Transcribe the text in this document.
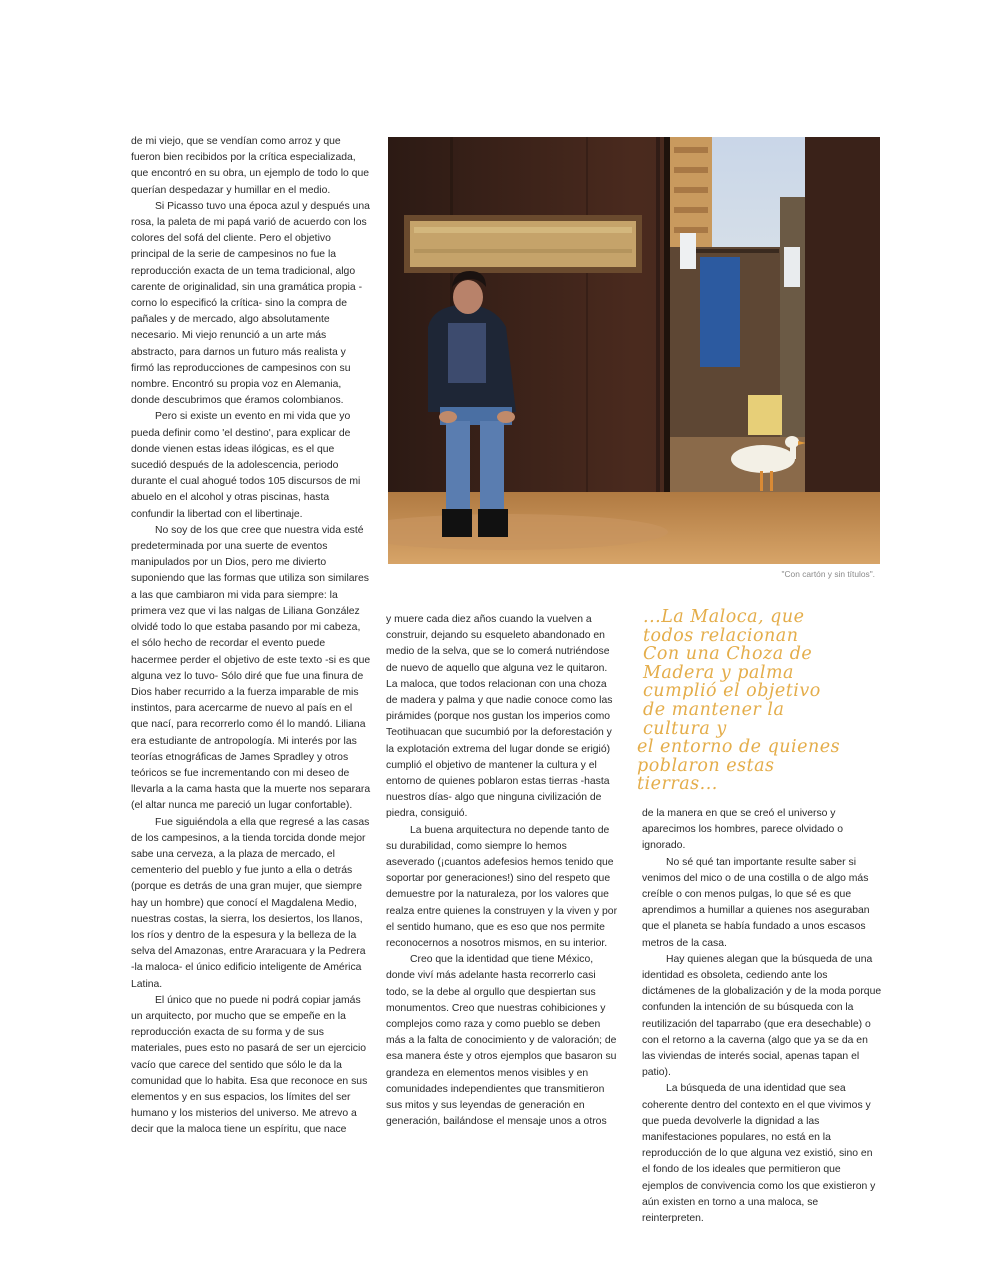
de mi viejo, que se vendían como arroz y que fueron bien recibidos por la crítica especializada, que encontró en su obra, un ejemplo de todo lo que querían despedazar y humillar en el medio.

Si Picasso tuvo una época azul y después una rosa, la paleta de mi papá varió de acuerdo con los colores del sofá del cliente. Pero el objetivo principal de la serie de campesinos no fue la reproducción exacta de un tema tradicional, algo carente de originalidad, sin una gramática propia -corno lo especificó la crítica- sino la compra de pañales y de mercado, algo absolutamente necesario. Mi viejo renunció a un arte más abstracto, para darnos un futuro más realista y firmó las reproducciones de campesinos con su nombre. Encontró su propia voz en Alemania, donde descubrimos que éramos colombianos.

Pero si existe un evento en mi vida que yo pueda definir como 'el destino', para explicar de donde vienen estas ideas ilógicas, es el que sucedió después de la adolescencia, periodo durante el cual ahogué todos 105 discursos de mi abuelo en el alcohol y otras piscinas, hasta confundir la libertad con el libertinaje.

No soy de los que cree que nuestra vida esté predeterminada por una suerte de eventos manipulados por un Dios, pero me divierto suponiendo que las formas que utiliza son similares a las que cambiaron mi vida para siempre: la primera vez que vi las nalgas de Liliana González olvidé todo lo que estaba pasando por mi cabeza, el sólo hecho de recordar el evento puede hacermee perder el objetivo de este texto -si es que alguna vez lo tuvo- Sólo diré que fue una finura de Dios haber recurrido a la fuerza imparable de mis instintos, para acercarme de nuevo al país en el que nací, para recorrerlo como él lo mandó. Liliana era estudiante de antropología. Mi interés por las teorías etnográficas de James Spradley y otros teóricos se fue incrementando con mi deseo de llevarla a la cama hasta que la muerte nos separara (el altar nunca me pareció un lugar confortable).

Fue siguiéndola a ella que regresé a las casas de los campesinos, a la tienda torcida donde mejor sabe una cerveza, a la plaza de mercado, el cementerio del pueblo y fue junto a ella o detrás (porque es detrás de una gran mujer, que siempre hay un hombre) que conocí el Magdalena Medio, nuestras costas, la sierra, los desiertos, los llanos, los ríos y dentro de la espesura y la belleza de la selva del Amazonas, entre Araracuara y la Pedrera -la maloca- el único edificio inteligente de América Latina.

El único que no puede ni podrá copiar jamás un arquitecto, por mucho que se empeñe en la reproducción exacta de su forma y de sus materiales, pues esto no pasará de ser un ejercicio vacío que carece del sentido que sólo le da la comunidad que lo habita. Esa que reconoce en sus elementos y en sus espacios, los límites del ser humano y los misterios del universo. Me atrevo a decir que la maloca tiene un espíritu, que nace

"Con cartón y sin títulos".

y muere cada diez años cuando la vuelven a construir, dejando su esqueleto abandonado en medio de la selva, que se lo comerá nutriéndose de nuevo de aquello que alguna vez le quitaron. La maloca, que todos relacionan con una choza de madera y palma y que nadie conoce como las pirámides (porque nos gustan los imperios como Teotihuacan que sucumbió por la deforestación y la explotación extrema del lugar donde se erigió) cumplió el objetivo de mantener la cultura y el entorno de quienes poblaron estas tierras -hasta nuestros días- algo que ninguna civilización de piedra, consiguió.

La buena arquitectura no depende tanto de su durabilidad, como siempre lo hemos aseverado (¡cuantos adefesios hemos tenido que soportar por generaciones!) sino del respeto que demuestre por la naturaleza, por los valores que realza entre quienes la construyen y la viven y por el sentido humano, que es eso que nos permite reconocernos a nosotros mismos, en su interior.

Creo que la identidad que tiene México, donde viví más adelante hasta recorrerlo casi todo, se la debe al orgullo que despiertan sus monumentos. Creo que nuestras cohibiciones y complejos como raza y como pueblo se deben más a la falta de conocimiento y de valoración; de esa manera éste y otros ejemplos que basaron su grandeza en elementos menos visibles y en comunidades independientes que transmitieron sus mitos y sus leyendas de generación en generación, bailándose el mensaje unos a otros

...La Maloca, que
todos relacionan
Con una Choza de
Madera y palma
cumplió el objetivo
de mantener la
cultura y
el entorno de quienes
poblaron estas
tierras...

de la manera en que se creó el universo y aparecimos los hombres, parece olvidado o ignorado.

No sé qué tan importante resulte saber si venimos del mico o de una costilla o de algo más creíble o con menos pulgas, lo que sé es que aprendimos a humillar a quienes nos aseguraban que el planeta se había fundado a unos escasos metros de la casa.

Hay quienes alegan que la búsqueda de una identidad es obsoleta, cediendo ante los dictámenes de la globalización y de la moda porque confunden la intención de su búsqueda con la reutilización del taparrabo (que era desechable) o con el retorno a la caverna (algo que ya se da en las viviendas de interés social, apenas tapan el patio).

La búsqueda de una identidad que sea coherente dentro del contexto en el que vivimos y que pueda devolverle la dignidad a las manifestaciones populares, no está en la reproducción de lo que alguna vez existió, sino en el fondo de los ideales que permitieron que ejemplos de convivencia como los que existieron y aún existen en torno a una maloca, se reinterpreten.
